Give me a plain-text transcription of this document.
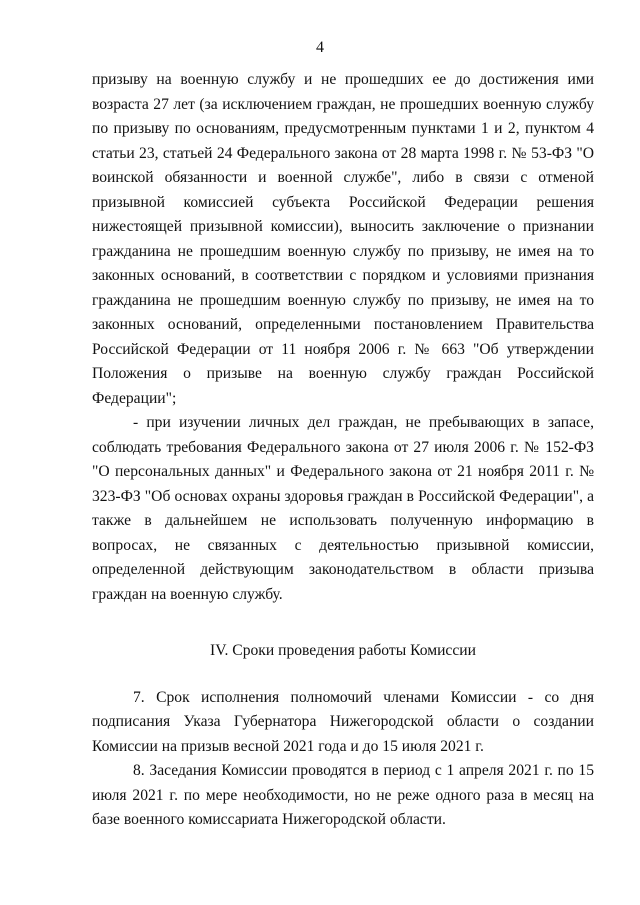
4

призыву на военную службу и не прошедших ее до достижения ими возраста 27 лет (за исключением граждан, не прошедших военную службу по призыву по основаниям, предусмотренным пунктами 1 и 2, пунктом 4 статьи 23, статьей 24 Федерального закона от 28 марта 1998 г. № 53-ФЗ "О воинской обязанности и военной службе", либо в связи с отменой призывной комиссией субъекта Российской Федерации решения нижестоящей призывной комиссии), выносить заключение о признании гражданина не прошедшим военную службу по призыву, не имея на то законных оснований, в соответствии с порядком и условиями признания гражданина не прошедшим военную службу по призыву, не имея на то законных оснований, определенными постановлением Правительства Российской Федерации от 11 ноября 2006 г. № 663 "Об утверждении Положения о призыве на военную службу граждан Российской Федерации";

- при изучении личных дел граждан, не пребывающих в запасе, соблюдать требования Федерального закона от 27 июля 2006 г. № 152-ФЗ "О персональных данных" и Федерального закона от 21 ноября 2011 г. № 323-ФЗ "Об основах охраны здоровья граждан в Российской Федерации", а также в дальнейшем не использовать полученную информацию в вопросах, не связанных с деятельностью призывной комиссии, определенной действующим законодательством в области призыва граждан на военную службу.

IV. Сроки проведения работы Комиссии

7. Срок исполнения полномочий членами Комиссии - со дня подписания Указа Губернатора Нижегородской области о создании Комиссии на призыв весной 2021 года и до 15 июля 2021 г.

8. Заседания Комиссии проводятся в период с 1 апреля 2021 г. по 15 июля 2021 г. по мере необходимости, но не реже одного раза в месяц на базе военного комиссариата Нижегородской области.
